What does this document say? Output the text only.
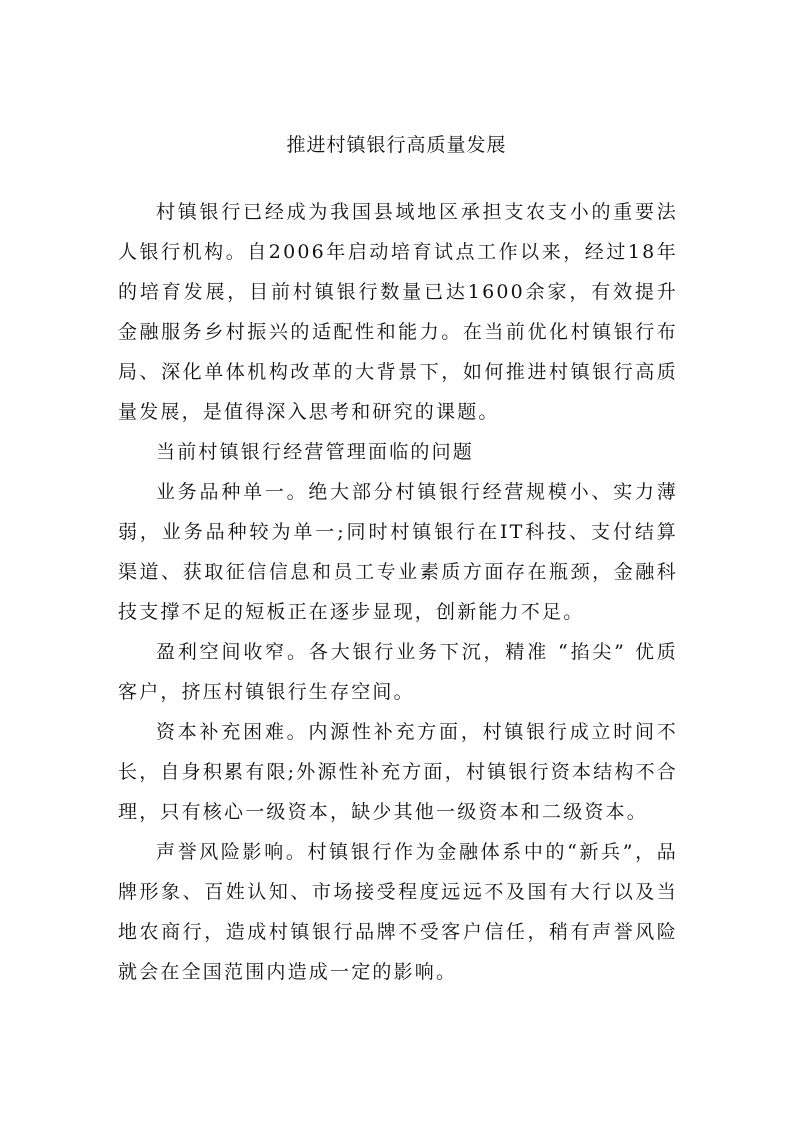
推进村镇银行高质量发展

村镇银行已经成为我国县域地区承担支农支小的重要法人银行机构。自2006年启动培育试点工作以来，经过18年的培育发展，目前村镇银行数量已达1600余家，有效提升金融服务乡村振兴的适配性和能力。在当前优化村镇银行布局、深化单体机构改革的大背景下，如何推进村镇银行高质量发展，是值得深入思考和研究的课题。

当前村镇银行经营管理面临的问题

业务品种单一。绝大部分村镇银行经营规模小、实力薄弱，业务品种较为单一;同时村镇银行在IT科技、支付结算渠道、获取征信信息和员工专业素质方面存在瓶颈，金融科技支撑不足的短板正在逐步显现，创新能力不足。

盈利空间收窄。各大银行业务下沉，精准 “掐尖” 优质客户，挤压村镇银行生存空间。

资本补充困难。内源性补充方面，村镇银行成立时间不长，自身积累有限;外源性补充方面，村镇银行资本结构不合理，只有核心一级资本，缺少其他一级资本和二级资本。

声誉风险影响。村镇银行作为金融体系中的“新兵”，品牌形象、百姓认知、市场接受程度远远不及国有大行以及当地农商行，造成村镇银行品牌不受客户信任，稍有声誉风险就会在全国范围内造成一定的影响。
